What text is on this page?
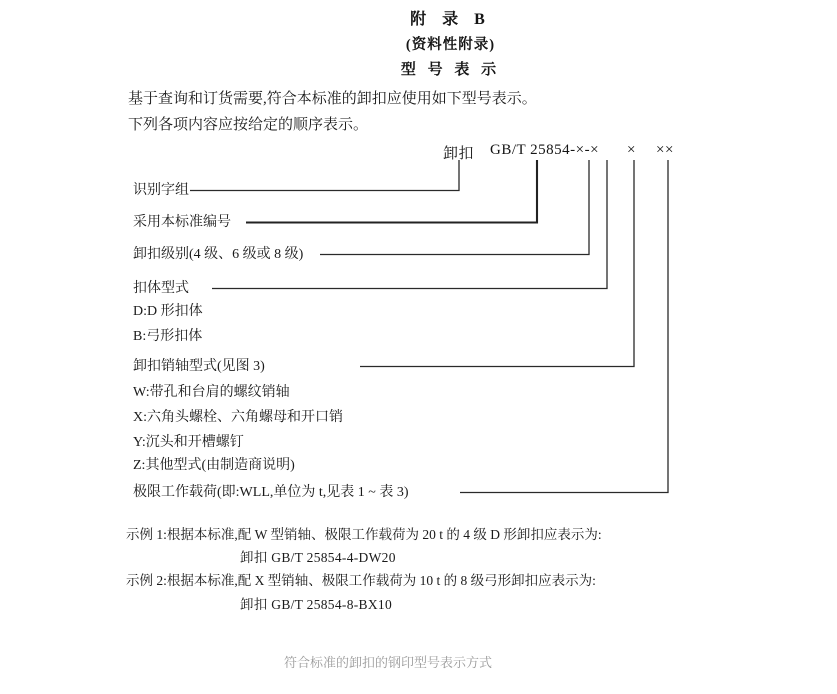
附 录 B
(资料性附录)
型 号 表 示
基于查询和订货需要,符合本标准的卸扣应使用如下型号表示。
下列各项内容应按给定的顺序表示。
卸扣 GB/T 25854-×-× × ××
识别字组
采用本标准编号
卸扣级别(4 级、6 级或 8 级)
扣体型式
D:D 形扣体
B:弓形扣体
卸扣销轴型式(见图 3)
W:带孔和台肩的螺纹销轴
X:六角头螺栓、六角螺母和开口销
Y:沉头和开槽螺钉
Z:其他型式(由制造商说明)
极限工作载荷(即:WLL,单位为 t,见表 1 ~ 表 3)
示例 1:根据本标准,配 W 型销轴、极限工作载荷为 20 t 的 4 级 D 形卸扣应表示为:
卸扣 GB/T 25854-4-DW20
示例 2:根据本标准,配 X 型销轴、极限工作载荷为 10 t 的 8 级弓形卸扣应表示为:
卸扣 GB/T 25854-8-BX10
符合标准的卸扣的钢印型号表示方式
